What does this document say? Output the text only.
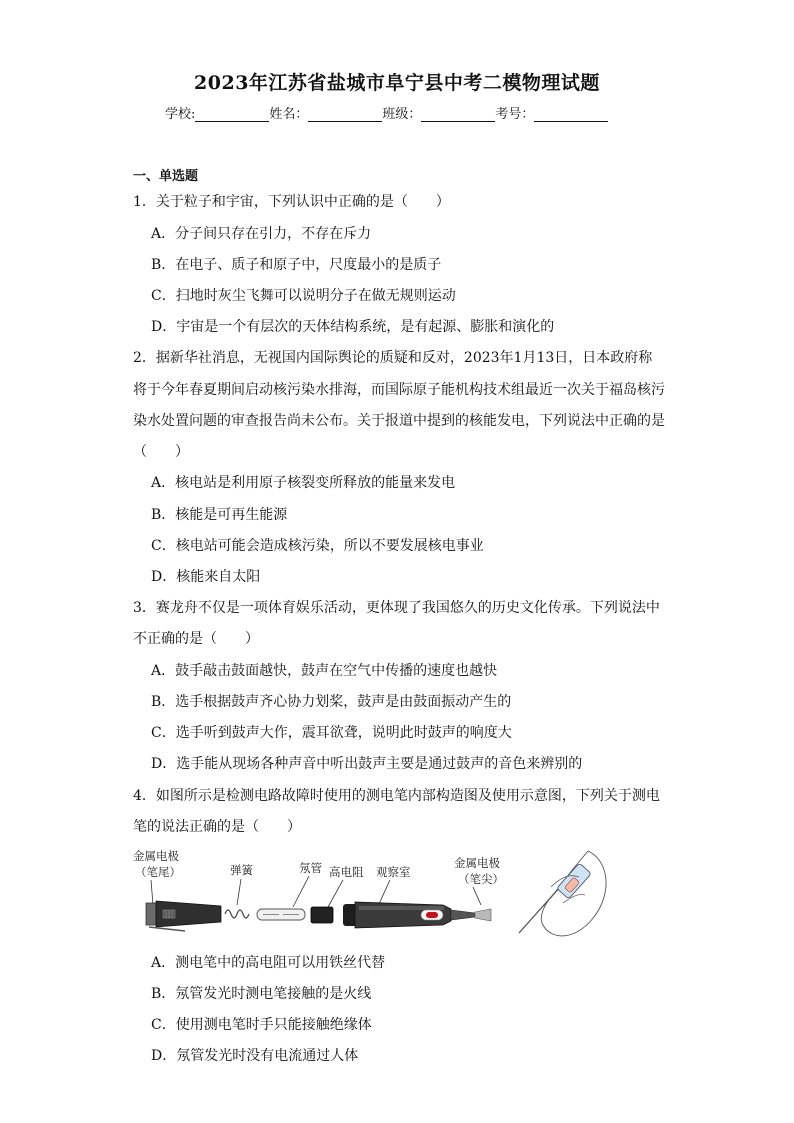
2023年江苏省盐城市阜宁县中考二模物理试题
学校:	姓名：	班级：	考号：
一、单选题
1．关于粒子和宇宙，下列认识中正确的是（　　）
A．分子间只存在引力，不存在斥力
B．在电子、质子和原子中，尺度最小的是质子
C．扫地时灰尘飞舞可以说明分子在做无规则运动
D．宇宙是一个有层次的天体结构系统，是有起源、膨胀和演化的
2．据新华社消息，无视国内国际舆论的质疑和反对，2023年1月13日，日本政府称
将于今年春夏期间启动核污染水排海，而国际原子能机构技术组最近一次关于福岛核污
染水处置问题的审查报告尚未公布。关于报道中提到的核能发电，下列说法中正确的是
（　　）
A．核电站是利用原子核裂变所释放的能量来发电
B．核能是可再生能源
C．核电站可能会造成核污染，所以不要发展核电事业
D．核能来自太阳
3．赛龙舟不仅是一项体育娱乐活动，更体现了我国悠久的历史文化传承。下列说法中
不正确的是（　　）
A．鼓手敲击鼓面越快，鼓声在空气中传播的速度也越快
B．选手根据鼓声齐心协力划桨，鼓声是由鼓面振动产生的
C．选手听到鼓声大作，震耳欲聋，说明此时鼓声的响度大
D．选手能从现场各种声音中听出鼓声主要是通过鼓声的音色来辨别的
4．如图所示是检测电路故障时使用的测电笔内部构造图及使用示意图，下列关于测电
笔的说法正确的是（　　）
金属电极
（笔尾）	弹簧	氖管 高电阻 观察室
金属电极
（笔尖）
A．测电笔中的高电阻可以用铁丝代替
B．氖管发光时测电笔接触的是火线
C．使用测电笔时手只能接触绝缘体
D．氖管发光时没有电流通过人体
